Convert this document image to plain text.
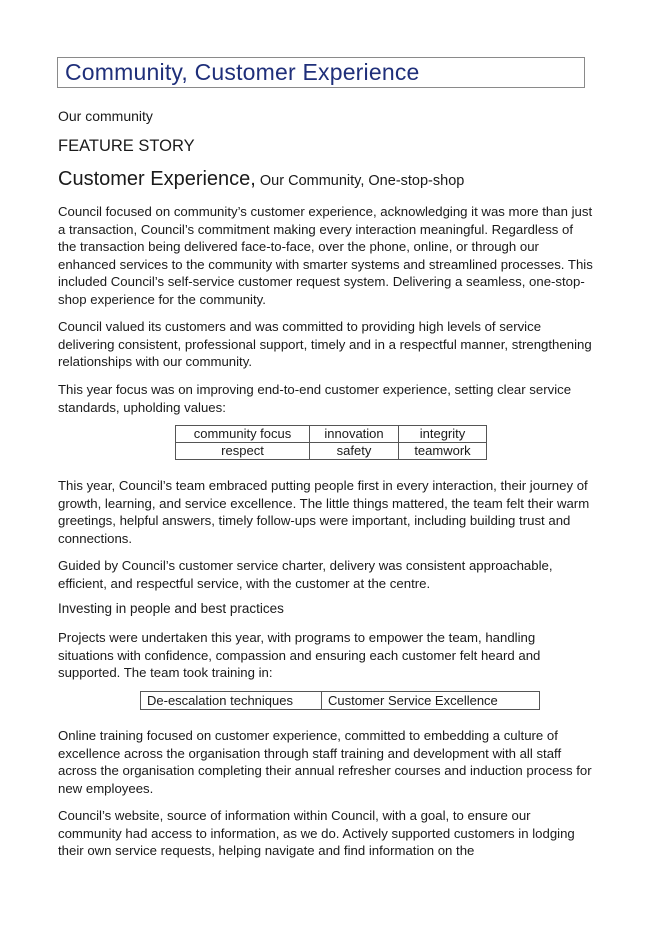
Community, Customer Experience
Our community
FEATURE STORY
Customer Experience, Our Community, One-stop-shop

Council focused on community’s customer experience, acknowledging it was more than just a transaction, Council’s commitment making every interaction meaningful. Regardless of the transaction being delivered face-to-face, over the phone, online, or through our enhanced services to the community with smarter systems and streamlined processes. This included Council’s self-service customer request system. Delivering a seamless, one-stop-shop experience for the community.

Council valued its customers and was committed to providing high levels of service delivering consistent, professional support, timely and in a respectful manner, strengthening relationships with our community.

This year focus was on improving end-to-end customer experience, setting clear service standards, upholding values:

community focus	innovation	integrity
respect	safety	teamwork

This year, Council’s team embraced putting people first in every interaction, their journey of growth, learning, and service excellence. The little things mattered, the team felt their warm greetings, helpful answers, timely follow-ups were important, including building trust and connections.

Guided by Council’s customer service charter, delivery was consistent approachable, efficient, and respectful service, with the customer at the centre.

Investing in people and best practices

Projects were undertaken this year, with programs to empower the team, handling situations with confidence, compassion and ensuring each customer felt heard and supported. The team took training in:

De-escalation techniques	Customer Service Excellence

Online training focused on customer experience, committed to embedding a culture of excellence across the organisation through staff training and development with all staff across the organisation completing their annual refresher courses and induction process for new employees.

Council’s website, source of information within Council, with a goal, to ensure our community had access to information, as we do. Actively supported customers in lodging their own service requests, helping navigate and find information on the
